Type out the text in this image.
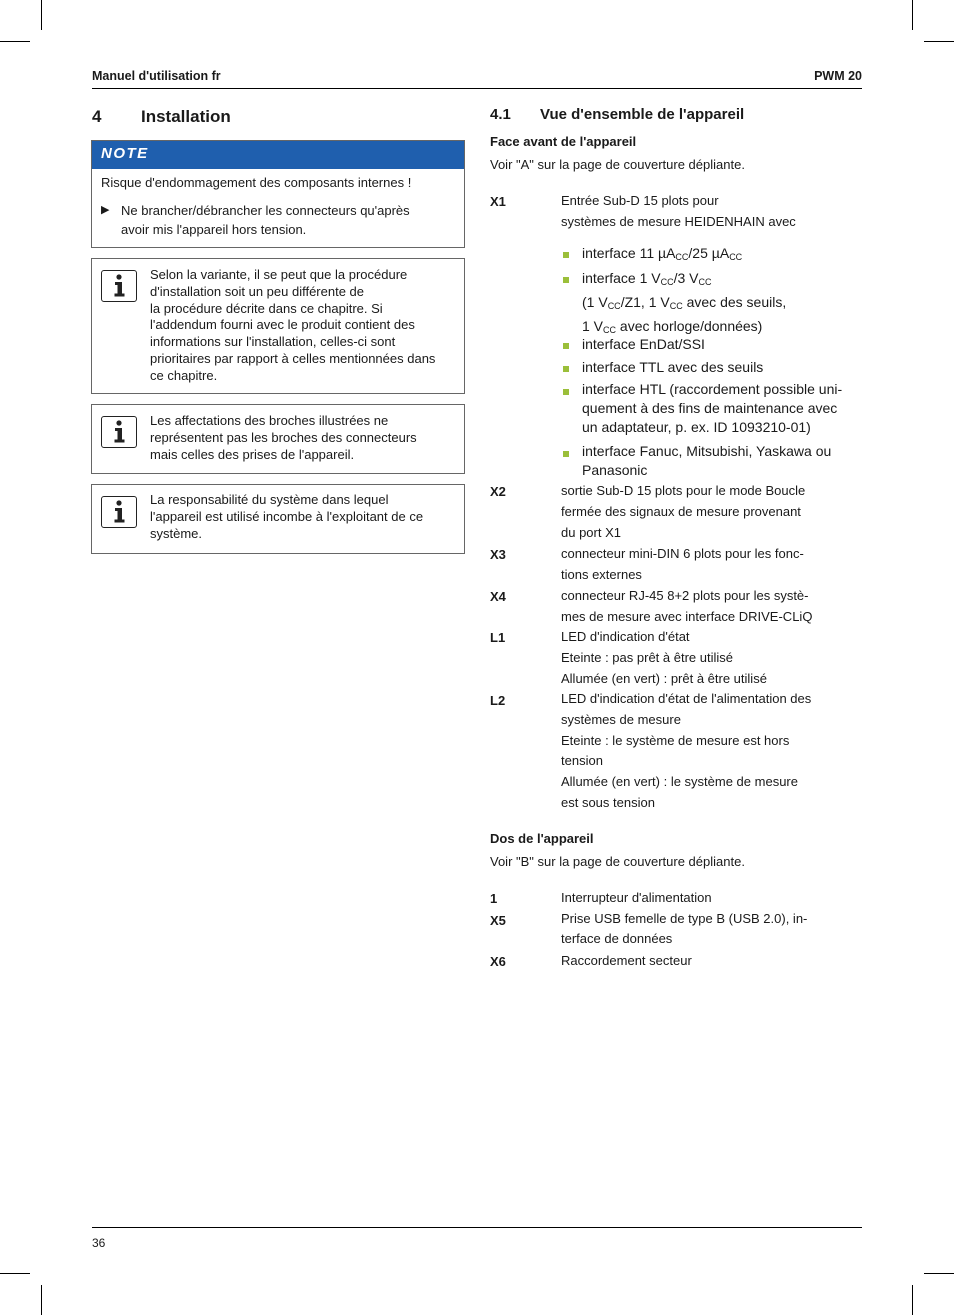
Manuel d'utilisation fr	PWM 20
4 Installation
NOTE
Risque d'endommagement des composants internes !
▶ Ne brancher/débrancher les connecteurs qu'après
avoir mis l'appareil hors tension.
Selon la variante, il se peut que la procédure
d'installation soit un peu différente de
la procédure décrite dans ce chapitre. Si
l'addendum fourni avec le produit contient des
informations sur l'installation, celles-ci sont
prioritaires par rapport à celles mentionnées dans
ce chapitre.
Les affectations des broches illustrées ne
représentent pas les broches des connecteurs
mais celles des prises de l'appareil.
La responsabilité du système dans lequel
l'appareil est utilisé incombe à l'exploitant de ce
système.
4.1 Vue d'ensemble de l'appareil
Face avant de l'appareil
Voir "A" sur la page de couverture dépliante.
X1	Entrée Sub-D 15 plots pour
systèmes de mesure HEIDENHAIN avec
interface 11 µA$_{CC}$/25 µA$_{CC}$
interface 1 $V_{CC}/3$ $V_{CC}$
(1 $V_{CC}/Z1$, 1 $V_{CC}$ avec des seuils,
1 $V_{CC}$ avec horloge/données)
interface EnDat/SSI
interface TTL avec des seuils
interface HTL (raccordement possible uni-
quement à des fins de maintenance avec
un adaptateur, p. ex. ID 1093210-01)
interface Fanuc, Mitsubishi, Yaskawa ou
Panasonic
X2	sortie Sub-D 15 plots pour le mode Boucle
fermée des signaux de mesure provenant
du port X1
X3	connecteur mini-DIN 6 plots pour les fonc-
tions externes
X4	connecteur RJ-45 8+2 plots pour les systè-
mes de mesure avec interface DRIVE-CLiQ
L1	LED d'indication d'état
Eteinte : pas prêt à être utilisé
Allumée (en vert) : prêt à être utilisé
L2	LED d'indication d'état de l'alimentation des
systèmes de mesure
Eteinte : le système de mesure est hors
tension
Allumée (en vert) : le système de mesure
est sous tension
Dos de l'appareil
Voir "B" sur la page de couverture dépliante.
1	Interrupteur d'alimentation
X5	Prise USB femelle de type B (USB 2.0), in-
terface de données
X6	Raccordement secteur
36
